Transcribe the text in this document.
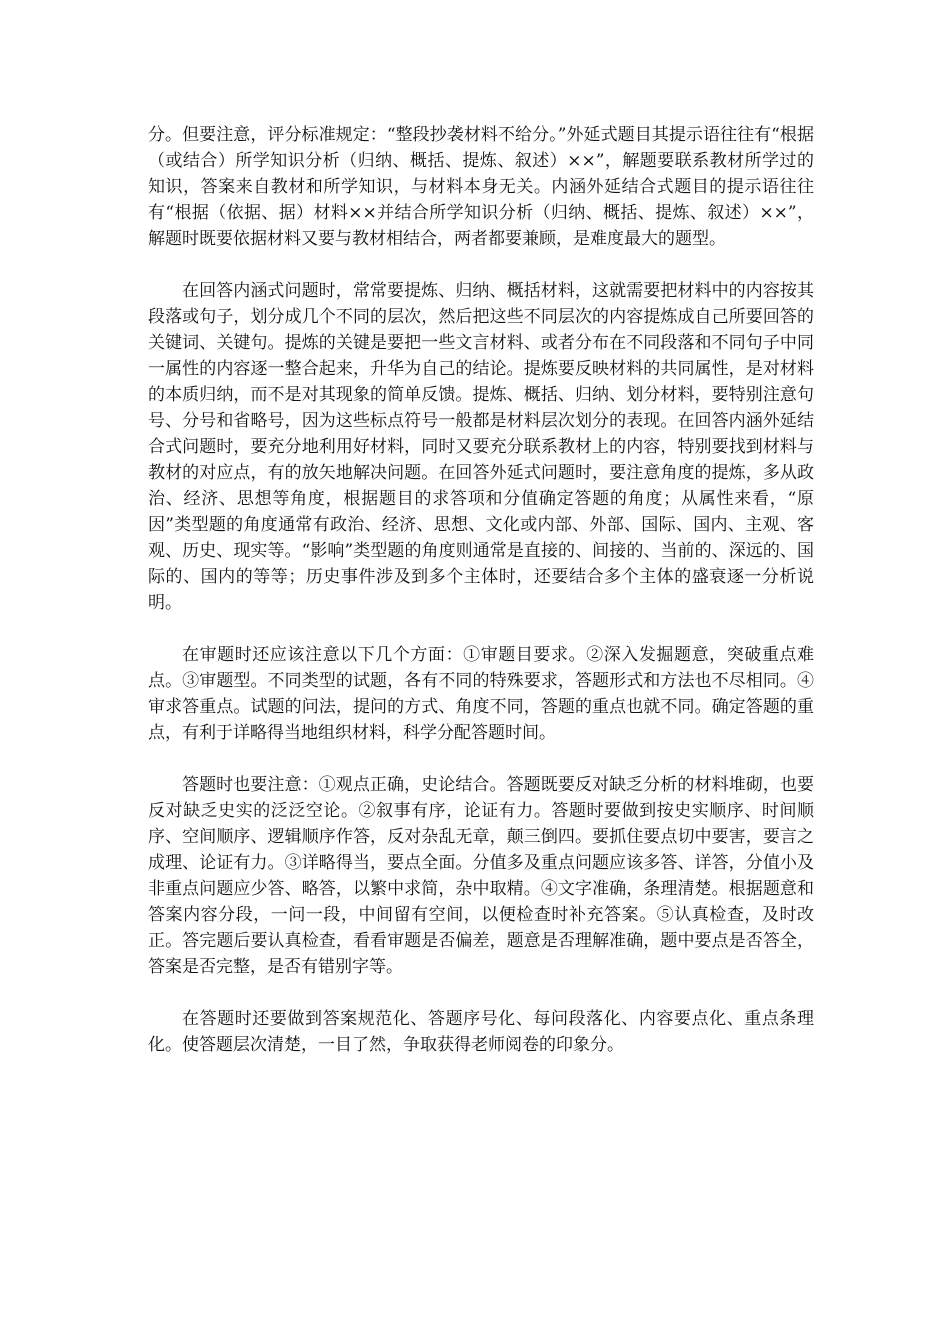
分。但要注意，评分标准规定：“整段抄袭材料不给分。”外延式题目其提示语往往有“根据（或结合）所学知识分析（归纳、概括、提炼、叙述）××”，解题要联系教材所学过的知识，答案来自教材和所学知识，与材料本身无关。内涵外延结合式题目的提示语往往有“根据（依据、据）材料××并结合所学知识分析（归纳、概括、提炼、叙述）××”，解题时既要依据材料又要与教材相结合，两者都要兼顾，是难度最大的题型。

在回答内涵式问题时，常常要提炼、归纳、概括材料，这就需要把材料中的内容按其段落或句子，划分成几个不同的层次，然后把这些不同层次的内容提炼成自己所要回答的关键词、关键句。提炼的关键是要把一些文言材料、或者分布在不同段落和不同句子中同一属性的内容逐一整合起来，升华为自己的结论。提炼要反映材料的共同属性，是对材料的本质归纳，而不是对其现象的简单反馈。提炼、概括、归纳、划分材料，要特别注意句号、分号和省略号，因为这些标点符号一般都是材料层次划分的表现。在回答内涵外延结合式问题时，要充分地利用好材料，同时又要充分联系教材上的内容，特别要找到材料与教材的对应点，有的放矢地解决问题。在回答外延式问题时，要注意角度的提炼，多从政治、经济、思想等角度，根据题目的求答项和分值确定答题的角度；从属性来看，“原因”类型题的角度通常有政治、经济、思想、文化或内部、外部、国际、国内、主观、客观、历史、现实等。“影响”类型题的角度则通常是直接的、间接的、当前的、深远的、国际的、国内的等等；历史事件涉及到多个主体时，还要结合多个主体的盛衰逐一分析说明。

在审题时还应该注意以下几个方面：①审题目要求。②深入发掘题意，突破重点难点。③审题型。不同类型的试题，各有不同的特殊要求，答题形式和方法也不尽相同。④审求答重点。试题的问法，提问的方式、角度不同，答题的重点也就不同。确定答题的重点，有利于详略得当地组织材料，科学分配答题时间。

答题时也要注意：①观点正确，史论结合。答题既要反对缺乏分析的材料堆砌，也要反对缺乏史实的泛泛空论。②叙事有序，论证有力。答题时要做到按史实顺序、时间顺序、空间顺序、逻辑顺序作答，反对杂乱无章，颠三倒四。要抓住要点切中要害，要言之成理、论证有力。③详略得当，要点全面。分值多及重点问题应该多答、详答，分值小及非重点问题应少答、略答，以繁中求简，杂中取精。④文字准确，条理清楚。根据题意和答案内容分段，一问一段，中间留有空间，以便检查时补充答案。⑤认真检查，及时改正。答完题后要认真检查，看看审题是否偏差，题意是否理解准确，题中要点是否答全，答案是否完整，是否有错别字等。

在答题时还要做到答案规范化、答题序号化、每问段落化、内容要点化、重点条理化。使答题层次清楚，一目了然，争取获得老师阅卷的印象分。
